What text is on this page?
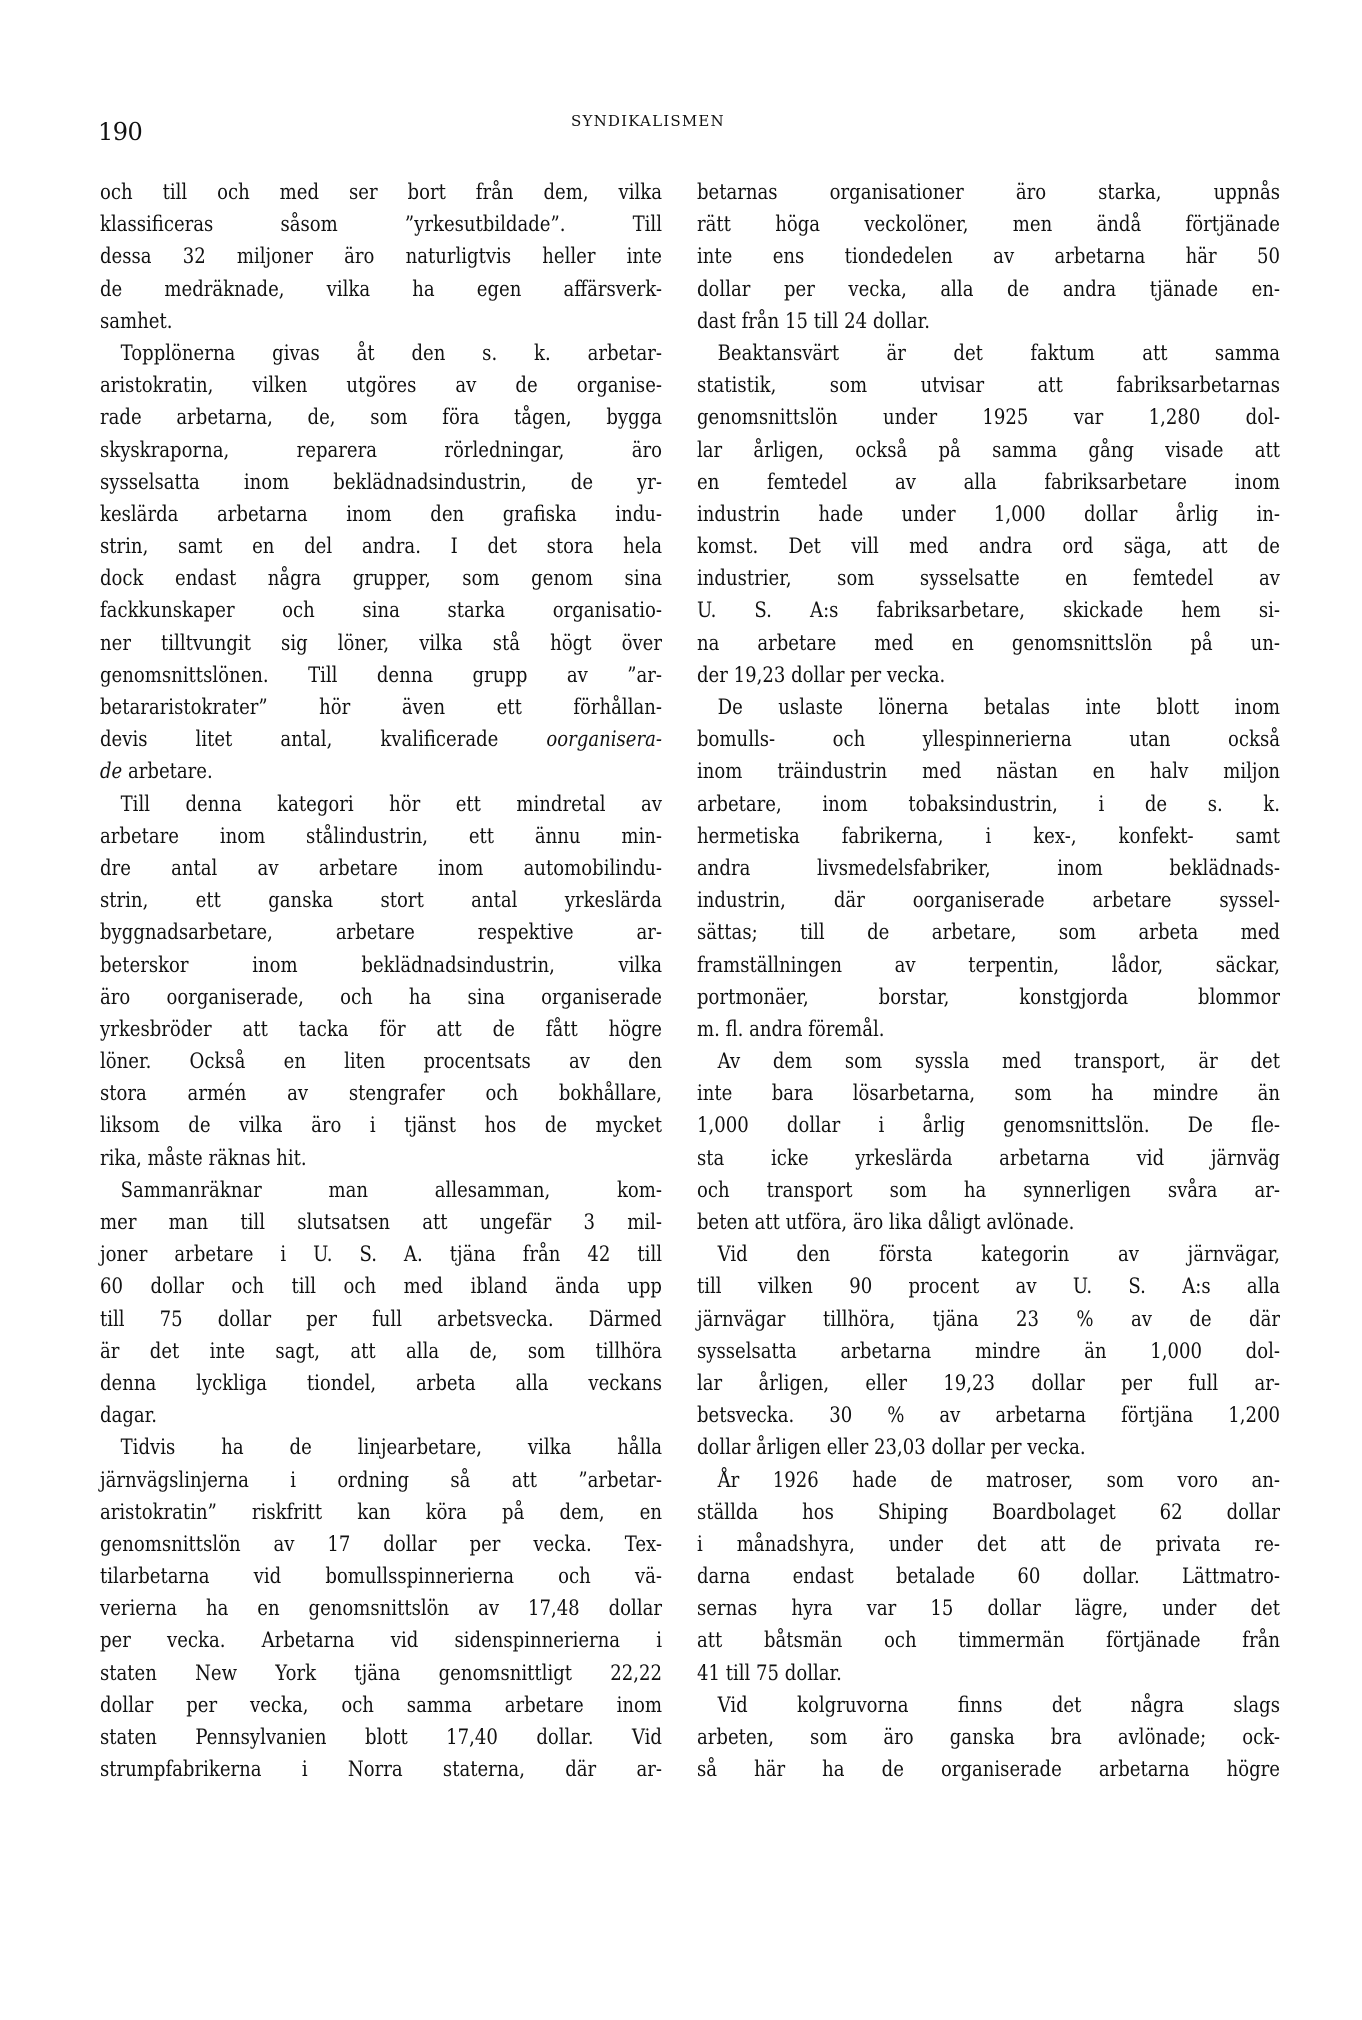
190	SYNDIKALISMEN
och till och med ser bort från dem, vilka
klassificeras såsom ”yrkesutbildade”. Till
dessa 32 miljoner äro naturligtvis heller inte
de medräknade, vilka ha egen affärsverk-
samhet.
Topplönerna givas åt den s. k. arbetar-
aristokratin, vilken utgöres av de organise-
rade arbetarna, de, som föra tågen, bygga
skyskraporna, reparera rörledningar, äro
sysselsatta inom beklädnadsindustrin, de yr-
keslärda arbetarna inom den grafiska indu-
strin, samt en del andra. I det stora hela
dock endast några grupper, som genom sina
fackkunskaper och sina starka organisatio-
ner tilltvungit sig löner, vilka stå högt över
genomsnittslönen. Till denna grupp av ”ar-
betararistokrater” hör även ett förhållan-
devis litet antal, kvalificerade oorganisera-
de arbetare.
Till denna kategori hör ett mindretal av
arbetare inom stålindustrin, ett ännu min-
dre antal av arbetare inom automobilindu-
strin, ett ganska stort antal yrkeslärda
byggnadsarbetare, arbetare respektive ar-
beterskor inom beklädnadsindustrin, vilka
äro oorganiserade, och ha sina organiserade
yrkesbröder att tacka för att de fått högre
löner. Också en liten procentsats av den
stora armén av stengrafer och bokhållare,
liksom de vilka äro i tjänst hos de mycket
rika, måste räknas hit.
Sammanräknar man allesamman, kom-
mer man till slutsatsen att ungefär 3 mil-
joner arbetare i U. S. A. tjäna från 42 till
60 dollar och till och med ibland ända upp
till 75 dollar per full arbetsvecka. Därmed
är det inte sagt, att alla de, som tillhöra
denna lyckliga tiondel, arbeta alla veckans
dagar.
Tidvis ha de linjearbetare, vilka hålla
järnvägslinjerna i ordning så att ”arbetar-
aristokratin” riskfritt kan köra på dem, en
genomsnittslön av 17 dollar per vecka. Tex-
tilarbetarna vid bomullsspinnerierna och vä-
verierna ha en genomsnittslön av 17,48 dollar
per vecka. Arbetarna vid sidenspinnerierna i
staten New York tjäna genomsnittligt 22,22
dollar per vecka, och samma arbetare inom
staten Pennsylvanien blott 17,40 dollar. Vid
strumpfabrikerna i Norra staterna, där ar-
betarnas organisationer äro starka, uppnås
rätt höga veckolöner, men ändå förtjänade
inte ens tiondedelen av arbetarna här 50
dollar per vecka, alla de andra tjänade en-
dast från 15 till 24 dollar.
Beaktansvärt är det faktum att samma
statistik, som utvisar att fabriksarbetarnas
genomsnittslön under 1925 var 1,280 dol-
lar årligen, också på samma gång visade att
en femtedel av alla fabriksarbetare inom
industrin hade under 1,000 dollar årlig in-
komst. Det vill med andra ord säga, att de
industrier, som sysselsatte en femtedel av
U. S. A:s fabriksarbetare, skickade hem si-
na arbetare med en genomsnittslön på un-
der 19,23 dollar per vecka.
De uslaste lönerna betalas inte blott inom
bomulls- och yllespinnerierna utan också
inom träindustrin med nästan en halv miljon
arbetare, inom tobaksindustrin, i de s. k.
hermetiska fabrikerna, i kex-, konfekt- samt
andra livsmedelsfabriker, inom beklädnads-
industrin, där oorganiserade arbetare syssel-
sättas; till de arbetare, som arbeta med
framställningen av terpentin, lådor, säckar,
portmonäer, borstar, konstgjorda blommor
m. fl. andra föremål.
Av dem som syssla med transport, är det
inte bara lösarbetarna, som ha mindre än
1,000 dollar i årlig genomsnittslön. De fle-
sta icke yrkeslärda arbetarna vid järnväg
och transport som ha synnerligen svåra ar-
beten att utföra, äro lika dåligt avlönade.
Vid den första kategorin av järnvägar,
till vilken 90 procent av U. S. A:s alla
järnvägar tillhöra, tjäna 23 % av de där
sysselsatta arbetarna mindre än 1,000 dol-
lar årligen, eller 19,23 dollar per full ar-
betsvecka. 30 % av arbetarna förtjäna 1,200
dollar årligen eller 23,03 dollar per vecka.
År 1926 hade de matroser, som voro an-
ställda hos Shiping Boardbolaget 62 dollar
i månadshyra, under det att de privata re-
darna endast betalade 60 dollar. Lättmatro-
sernas hyra var 15 dollar lägre, under det
att båtsmän och timmermän förtjänade från
41 till 75 dollar.
Vid kolgruvorna finns det några slags
arbeten, som äro ganska bra avlönade; ock-
så här ha de organiserade arbetarna högre
